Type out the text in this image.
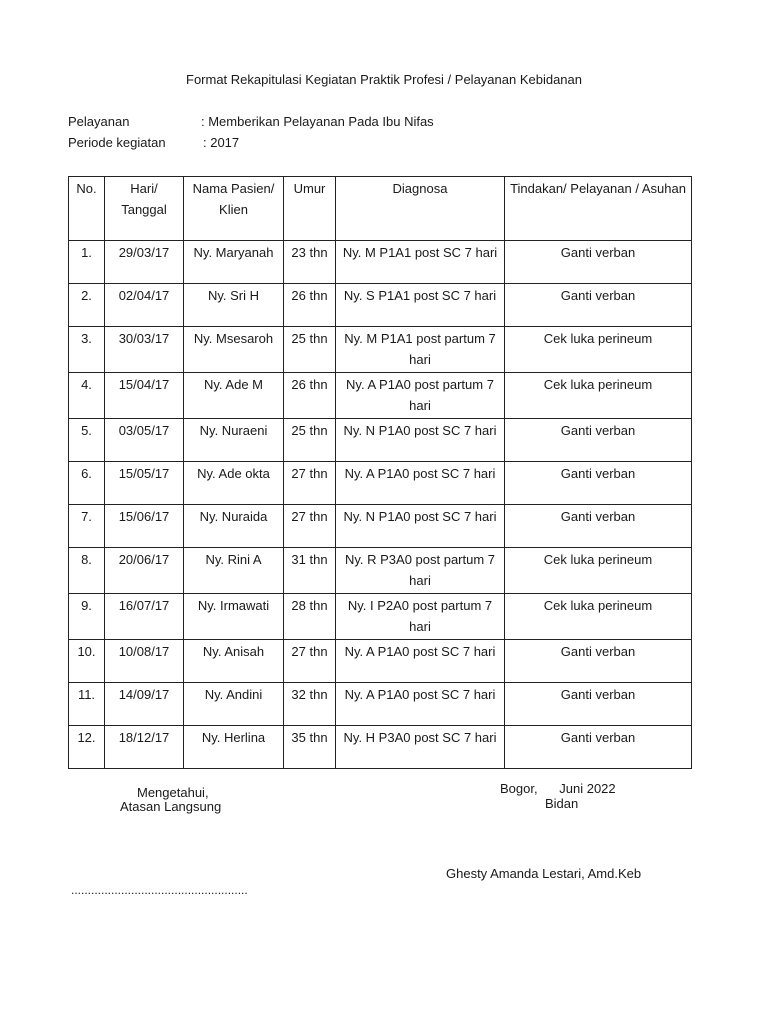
Format Rekapitulasi Kegiatan Praktik Profesi / Pelayanan Kebidanan
Pelayanan	: Memberikan Pelayanan Pada Ibu Nifas
Periode kegiatan	: 2017
No.	Hari/ Tanggal	Nama Pasien/ Klien	Umur	Diagnosa	Tindakan/ Pelayanan / Asuhan
1.	29/03/17	Ny. Maryanah	23 thn	Ny. M P1A1 post SC 7 hari	Ganti verban
2.	02/04/17	Ny. Sri H	26 thn	Ny. S P1A1 post SC 7 hari	Ganti verban
3.	30/03/17	Ny. Msesaroh	25 thn	Ny. M P1A1 post partum 7 hari	Cek luka perineum
4.	15/04/17	Ny. Ade M	26 thn	Ny. A P1A0 post partum 7 hari	Cek luka perineum
5.	03/05/17	Ny. Nuraeni	25 thn	Ny. N P1A0 post SC 7 hari	Ganti verban
6.	15/05/17	Ny. Ade okta	27 thn	Ny. A P1A0 post SC 7 hari	Ganti verban
7.	15/06/17	Ny. Nuraida	27 thn	Ny. N P1A0 post SC 7 hari	Ganti verban
8.	20/06/17	Ny. Rini A	31 thn	Ny. R P3A0 post partum 7 hari	Cek luka perineum
9.	16/07/17	Ny. Irmawati	28 thn	Ny. I P2A0 post partum 7 hari	Cek luka perineum
10.	10/08/17	Ny. Anisah	27 thn	Ny. A P1A0 post SC 7 hari	Ganti verban
11.	14/09/17	Ny. Andini	32 thn	Ny. A P1A0 post SC 7 hari	Ganti verban
12.	18/12/17	Ny. Herlina	35 thn	Ny. H P3A0 post SC 7 hari	Ganti verban
Mengetahui,
Atasan Langsung
Bogor,      Juni 2022
Bidan
Ghesty Amanda Lestari, Amd.Keb
.....................................................
